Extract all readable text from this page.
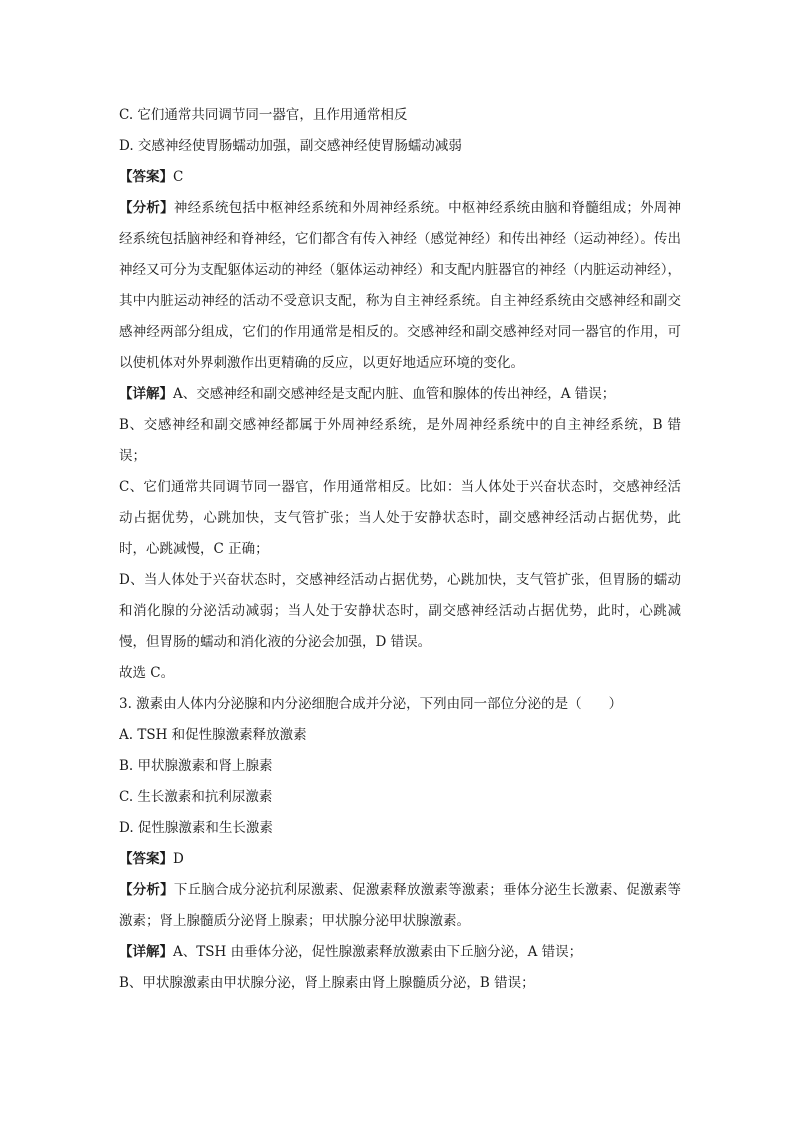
C. 它们通常共同调节同一器官，且作用通常相反

D. 交感神经使胃肠蠕动加强，副交感神经使胃肠蠕动减弱

【答案】C

【分析】神经系统包括中枢神经系统和外周神经系统。中枢神经系统由脑和脊髓组成；外周神经系统包括脑神经和脊神经，它们都含有传入神经（感觉神经）和传出神经（运动神经）。传出神经又可分为支配躯体运动的神经（躯体运动神经）和支配内脏器官的神经（内脏运动神经），其中内脏运动神经的活动不受意识支配，称为自主神经系统。自主神经系统由交感神经和副交感神经两部分组成，它们的作用通常是相反的。交感神经和副交感神经对同一器官的作用，可以使机体对外界刺激作出更精确的反应，以更好地适应环境的变化。

【详解】A、交感神经和副交感神经是支配内脏、血管和腺体的传出神经，A 错误；

B、交感神经和副交感神经都属于外周神经系统，是外周神经系统中的自主神经系统，B 错误；

C、它们通常共同调节同一器官，作用通常相反。比如：当人体处于兴奋状态时，交感神经活动占据优势，心跳加快，支气管扩张；当人处于安静状态时，副交感神经活动占据优势，此时，心跳减慢，C 正确；

D、当人体处于兴奋状态时，交感神经活动占据优势，心跳加快，支气管扩张，但胃肠的蠕动和消化腺的分泌活动减弱；当人处于安静状态时，副交感神经活动占据优势，此时，心跳减慢，但胃肠的蠕动和消化液的分泌会加强，D 错误。

故选 C。

3. 激素由人体内分泌腺和内分泌细胞合成并分泌，下列由同一部位分泌的是（　　）

A. TSH 和促性腺激素释放激素

B. 甲状腺激素和肾上腺素

C. 生长激素和抗利尿激素

D. 促性腺激素和生长激素

【答案】D

【分析】下丘脑合成分泌抗利尿激素、促激素释放激素等激素；垂体分泌生长激素、促激素等激素；肾上腺髓质分泌肾上腺素；甲状腺分泌甲状腺激素。

【详解】A、TSH 由垂体分泌，促性腺激素释放激素由下丘脑分泌，A 错误；

B、甲状腺激素由甲状腺分泌，肾上腺素由肾上腺髓质分泌，B 错误；
